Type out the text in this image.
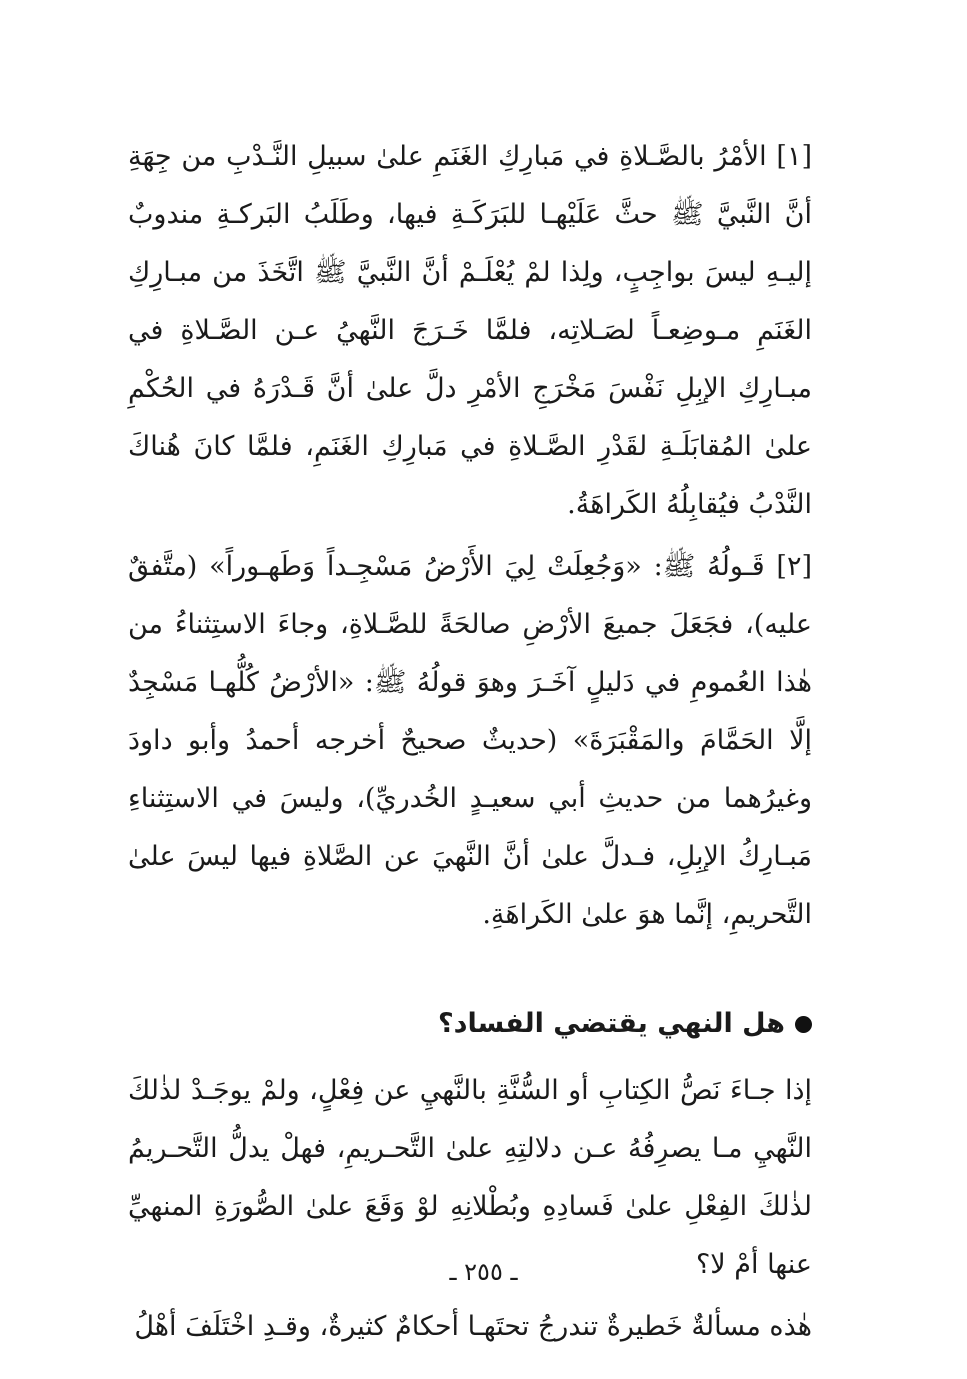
[١] الأمْرُ بالصَّـلاةِ في مَبارِكِ الغَنَمِ علىٰ سبيلِ النَّـدْبِ من جِهَةِ أنَّ النَّبيَّ ﷺ حثَّ عَلَيْهـا للبَرَكَـةِ فيها، وطَلَبُ البَركـةِ مندوبٌ إليـهِ ليسَ بواجِبٍ، ولِذا لمْ يُعْلَـمْ أنَّ النَّبيَّ ﷺ اتَّخَذَ من مبـارِكِ الغَنَمِ مـوضِعـاً لصَـلاتِه، فلمَّا خَـرَجَ النَّهيُ عـن الصَّـلاةِ في مبـارِكِ الإبِلِ نَفْسَ مَخْرَجِ الأمْرِ دلَّ علىٰ أنَّ قَـدْرَهُ في الحُكْمِ علىٰ المُقابَلَـةِ لقَدْرِ الصَّـلاةِ في مَبارِكِ الغَنَمِ، فلمَّا كانَ هُناكَ النَّدْبُ فيُقابِلُهُ الكَراهَةُ.

[٢] قَـولُهُ ﷺ: «وَجُعِلَتْ لِيَ الأَرْضُ مَسْجِـداً وَطَهـوراً» (متَّفقٌ عليه)، فجَعَلَ جميعَ الأرْضِ صالحَةً للصَّـلاةِ، وجاءَ الاستِثناءُ من هٰذا العُمومِ في دَليلٍ آخَـرَ وهوَ قولُهُ ﷺ: «الأرْضُ كُلُّهـا مَسْجِدٌ إلَّا الحَمَّامَ والمَقْبَرَةَ» (حديثٌ صحيحٌ أخرجه أحمدُ وأبو داودَ وغيرُهما من حديثِ أبي سعيـدٍ الخُدريِّ)، وليسَ في الاستِثناءِ مَبـارِكُ الإبِلِ، فـدلَّ علىٰ أنَّ النَّهيَ عن الصَّلاةِ فيها ليسَ علىٰ التَّحريمِ، إنَّما هوَ علىٰ الكَراهَةِ.

هل النهي يقتضي الفساد؟

إذا جـاءَ نَصُّ الكِتابِ أو السُّنَّةِ بالنَّهيِ عن فِعْلٍ، ولمْ يوجَـدْ لذٰلكَ النَّهيِ مـا يصرِفُهُ عـن دلالتِهِ علىٰ التَّحـريمِ، فهلْ يدلُّ التَّحـريمُ لذٰلكَ الفِعْلِ علىٰ فَسادِهِ وبُطْلانِهِ لوْ وَقَعَ علىٰ الصُّورَةِ المنهيِّ عنها أمْ لا؟

هٰذه مسألةٌ خَطيرةٌ تندرجُ تحتَهـا أحكامٌ كثيرةٌ، وقـدِ اخْتَلَفَ أهْلُ

ـ ٢٥٥ ـ
